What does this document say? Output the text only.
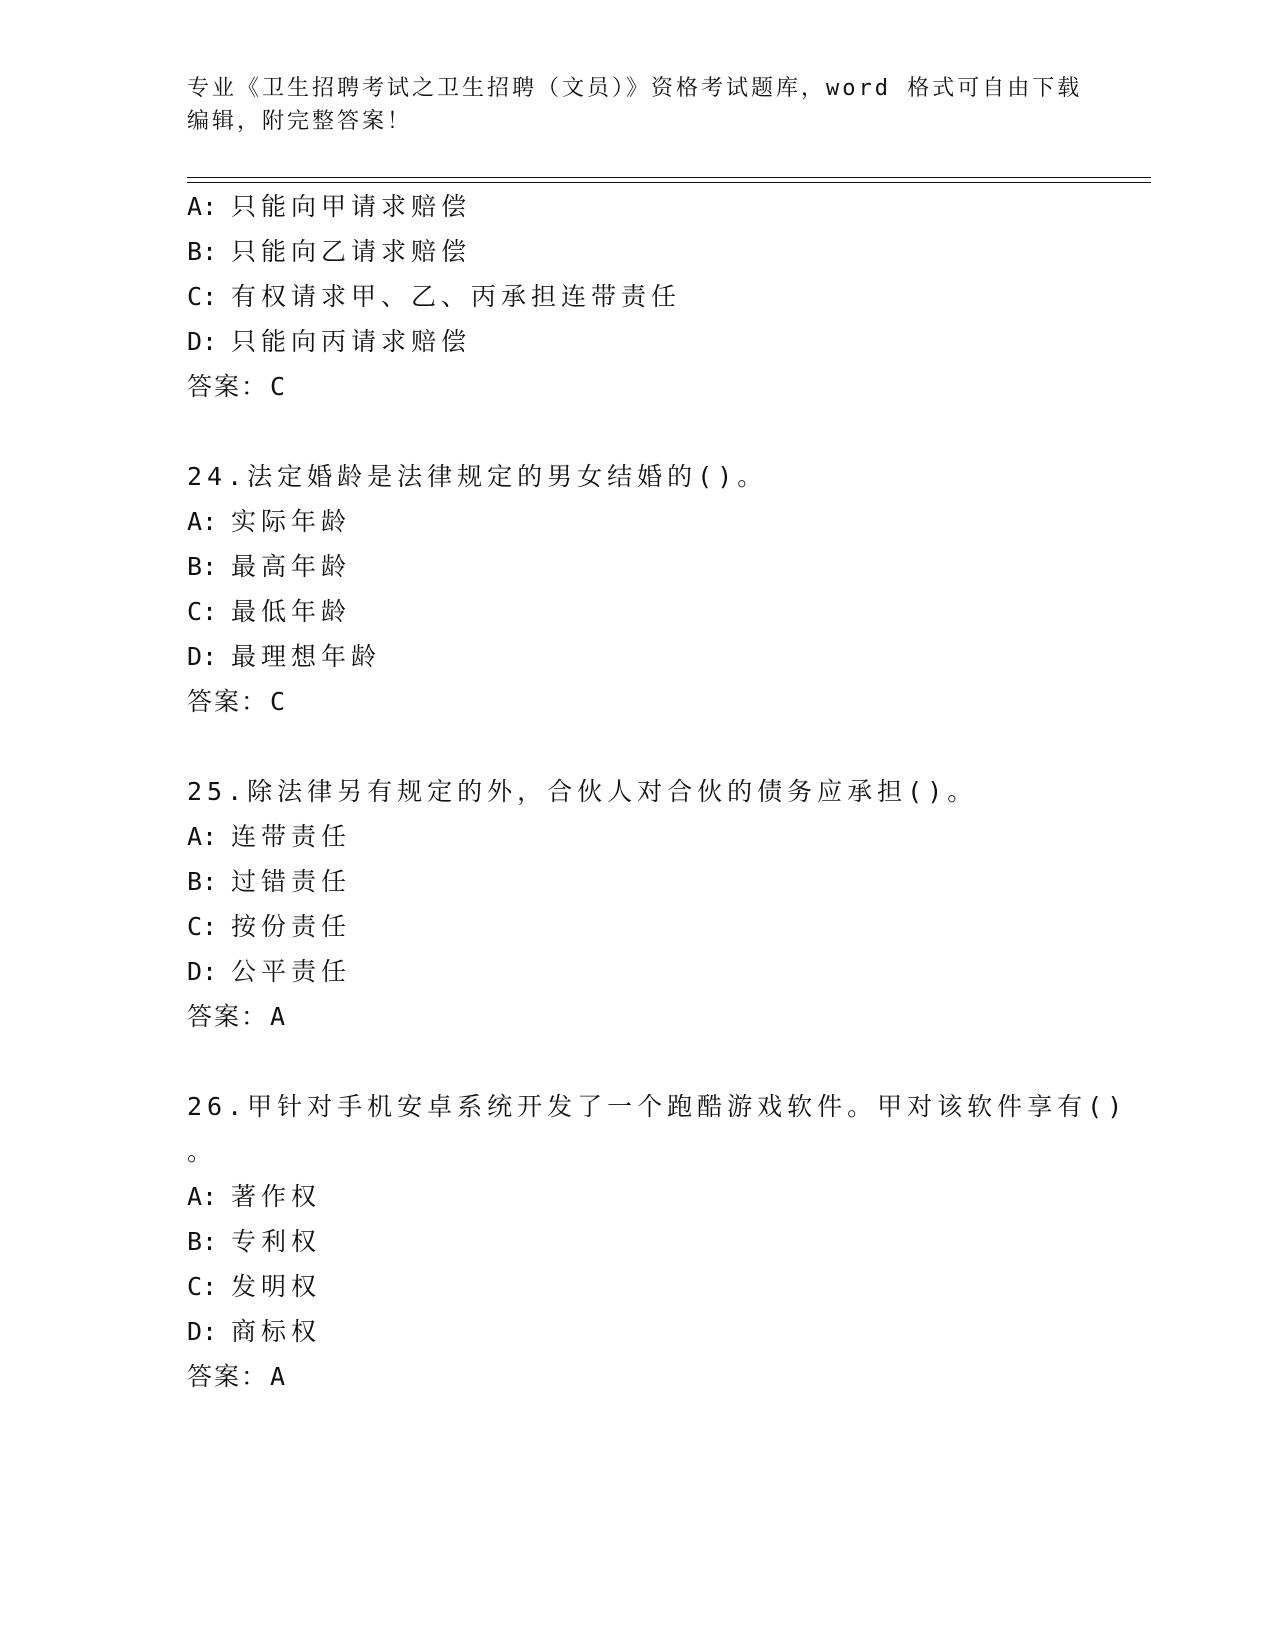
专业《卫生招聘考试之卫生招聘（文员）》资格考试题库，word 格式可自由下载
编辑，附完整答案！
A: 只能向甲请求赔偿
B: 只能向乙请求赔偿
C: 有权请求甲、乙、丙承担连带责任
D: 只能向丙请求赔偿
答案：C
24.法定婚龄是法律规定的男女结婚的()。
A: 实际年龄
B: 最高年龄
C: 最低年龄
D: 最理想年龄
答案：C
25.除法律另有规定的外，合伙人对合伙的债务应承担()。
A: 连带责任
B: 过错责任
C: 按份责任
D: 公平责任
答案：A
26.甲针对手机安卓系统开发了一个跑酷游戏软件。甲对该软件享有()
。
A: 著作权
B: 专利权
C: 发明权
D: 商标权
答案：A
